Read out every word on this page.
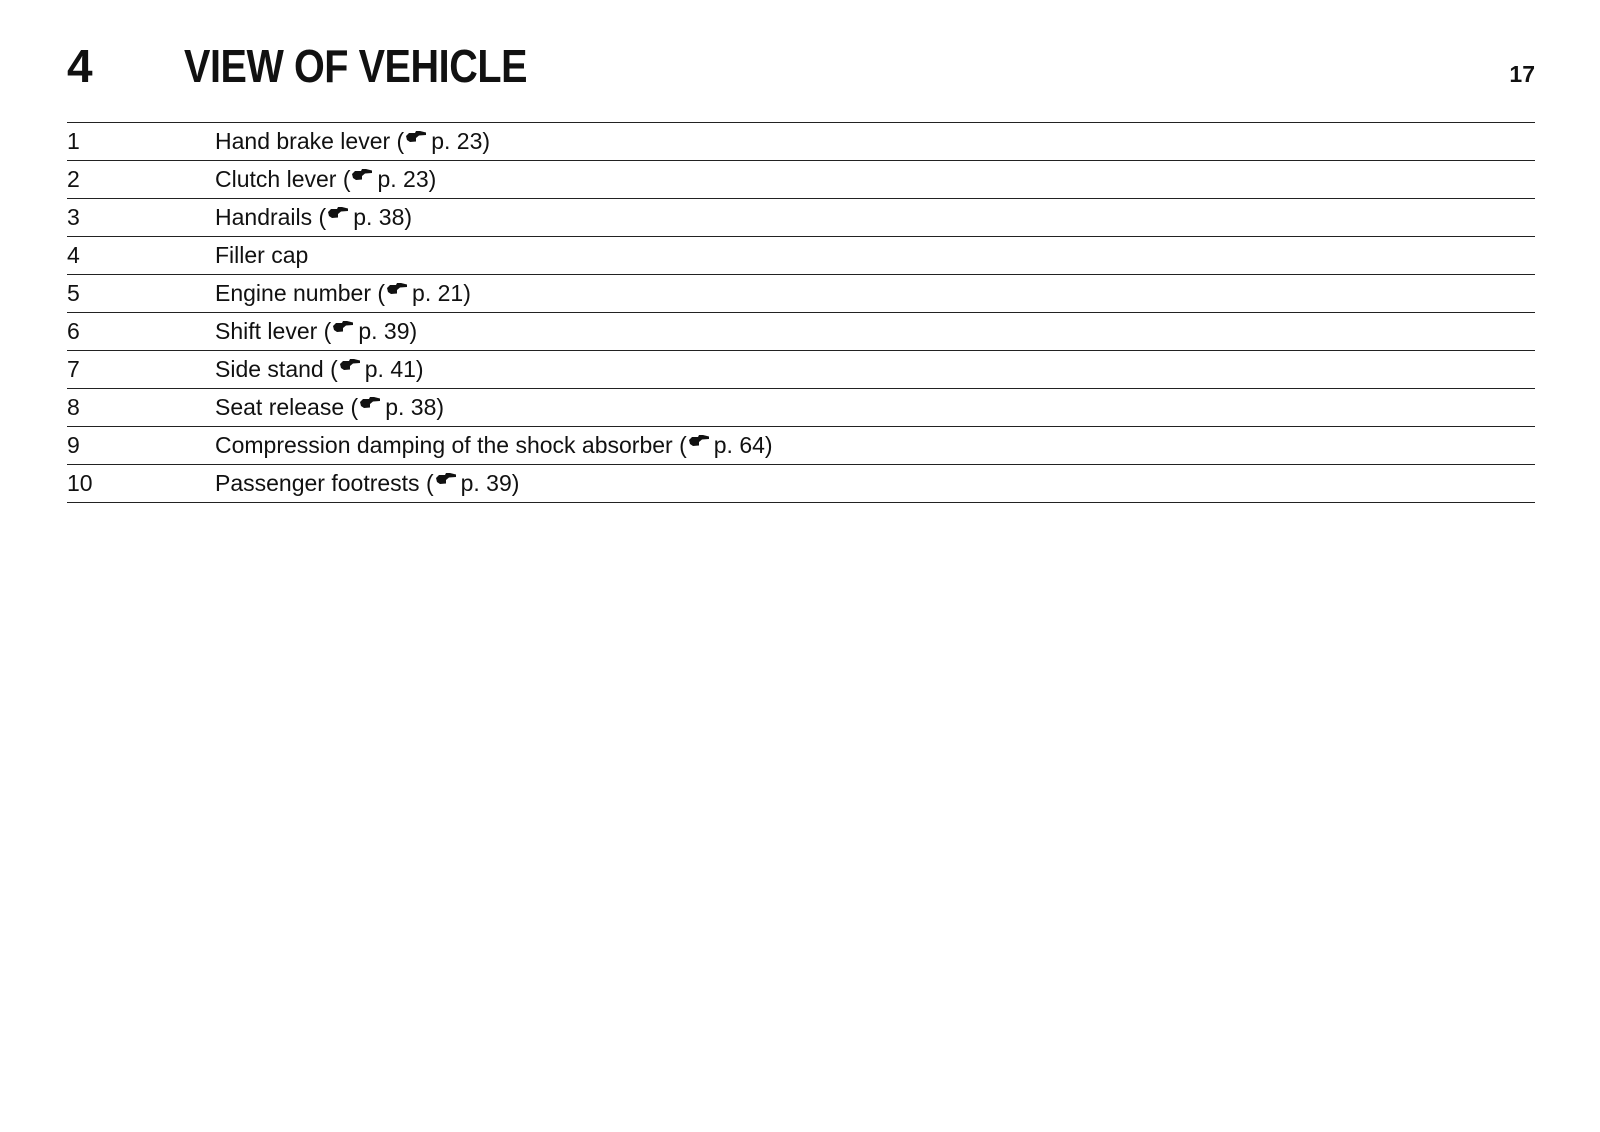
4 VIEW OF VEHICLE	17
1	Hand brake lever ( p. 23)
2	Clutch lever ( p. 23)
3	Handrails ( p. 38)
4	Filler cap
5	Engine number ( p. 21)
6	Shift lever ( p. 39)
7	Side stand ( p. 41)
8	Seat release ( p. 38)
9	Compression damping of the shock absorber ( p. 64)
10	Passenger footrests ( p. 39)
